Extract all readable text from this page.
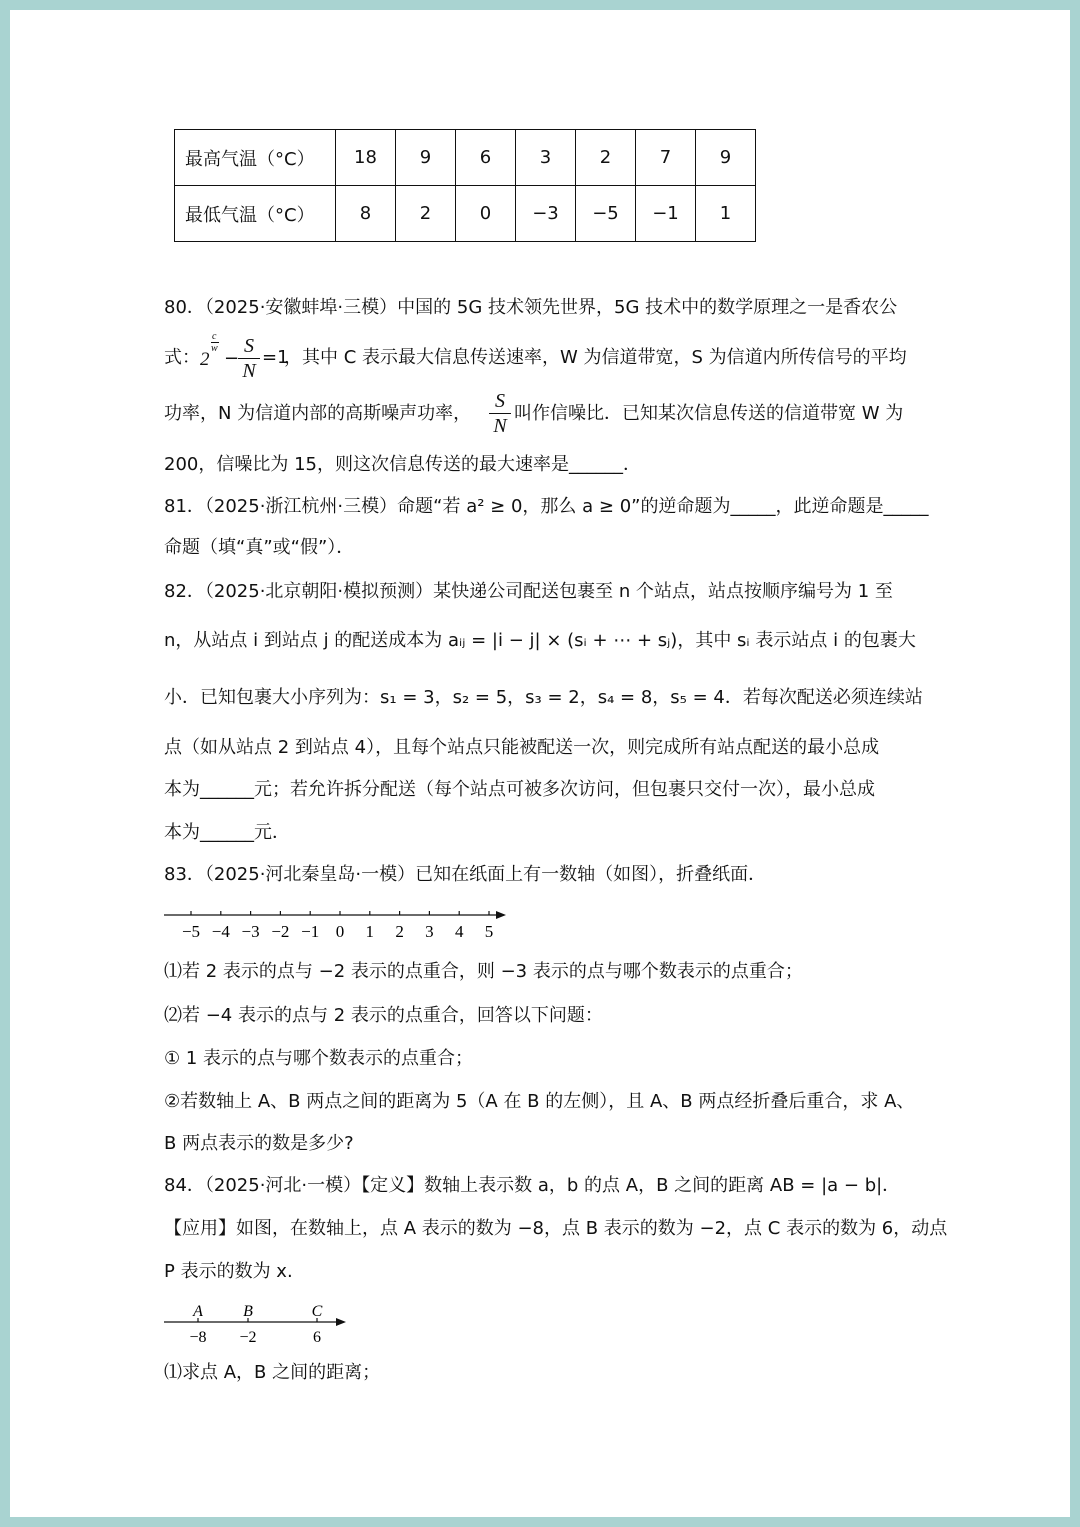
最高气温（°C）	18	9	6	3	2	7	9
最低气温（°C）	8	2	0	−3	−5	−1	1
80．（2025·安徽蚌埠·三模）中国的 5G 技术领先世界，5G 技术中的数学原理之一是香农公
式： 2
c
w −
S
N
=1
，其中 C 表示最大信息传送速率，W 为信道带宽，S 为信道内所传信号的平均
功率，N 为信道内部的高斯噪声功率，
S
N
叫作信噪比．已知某次信息传送的信道带宽 W 为
200，信噪比为 15，则这次信息传送的最大速率是______．
81．（2025·浙江杭州·三模）命题“若 a² ≥ 0，那么 a ≥ 0”的逆命题为_____，此逆命题是_____
命题（填“真”或“假”）．
82．（2025·北京朝阳·模拟预测）某快递公司配送包裹至 n 个站点，站点按顺序编号为 1 至
n，从站点 i 到站点 j 的配送成本为 aᵢⱼ = |i − j| × (sᵢ + ⋯ + sⱼ)，其中 sᵢ 表示站点 i 的包裹大
小．已知包裹大小序列为：s₁ = 3，s₂ = 5，s₃ = 2，s₄ = 8，s₅ = 4．若每次配送必须连续站
点（如从站点 2 到站点 4），且每个站点只能被配送一次，则完成所有站点配送的最小总成
本为______元；若允许拆分配送（每个站点可被多次访问，但包裹只交付一次），最小总成
本为______元．
83．（2025·河北秦皇岛·一模）已知在纸面上有一数轴（如图），折叠纸面．
−5 −4 −3 −2 −1 0 1 2 3 4 5
⑴若 2 表示的点与 −2 表示的点重合，则 −3 表示的点与哪个数表示的点重合；
⑵若 −4 表示的点与 2 表示的点重合，回答以下问题：
① 1 表示的点与哪个数表示的点重合；
②若数轴上 A、B 两点之间的距离为 5（A 在 B 的左侧），且 A、B 两点经折叠后重合，求 A、
B 两点表示的数是多少?
84．（2025·河北·一模）【定义】数轴上表示数 a，b 的点 A，B 之间的距离 AB = |a − b|．
【应用】如图，在数轴上，点 A 表示的数为 −8，点 B 表示的数为 −2，点 C 表示的数为 6，动点
P 表示的数为 x.
A
−8
B
−2
C
6
⑴求点 A，B 之间的距离；
